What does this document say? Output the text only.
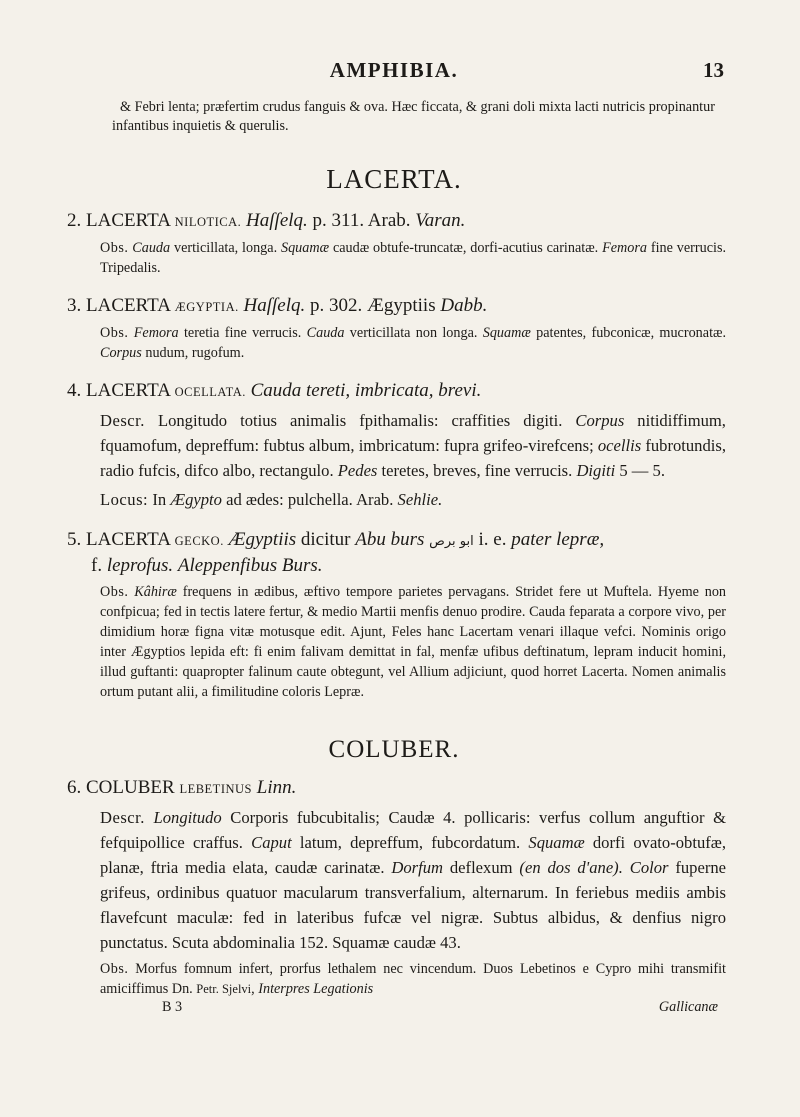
AMPHIBIA.	13

& Febri lenta; præfertim crudus fanguis & ova. Hæc ficcata, & grani doli mixta lacti nutricis propinantur infantibus inquietis & querulis.

LACERTA.
2. LACERTA NILOTICA. Haſſelq. p. 311. Arab. Varan.
Obs. Cauda verticillata, longa. Squamæ caudæ obtufe-truncatæ, dorfi-acutius carinatæ. Femora fine verrucis. Tripedalis.
3. LACERTA ÆGYPTIA. Haſſelq. p. 302. Ægyptiis Dabb.
Obs. Femora teretia fine verrucis. Cauda verticillata non longa. Squamæ patentes, fubconicæ, mucronatæ. Corpus nudum, rugofum.
4. LACERTA OCELLATA. Cauda tereti, imbricata, brevi.
Descr. Longitudo totius animalis fpithamalis: craffities digiti. Corpus nitidiffimum, fquamofum, depreffum: fubtus album, imbricatum: fupra grifeo-virefcens; ocellis fubrotundis, radio fufcis, difco albo, rectangulo. Pedes teretes, breves, fine verrucis. Digiti 5 — 5.
Locus: In Ægypto ad ædes: pulchella. Arab. Sehlie.
5. LACERTA GECKO. Ægyptiis dicitur Abu burs ابو برص i. e. pater lepræ,
f. leprofus. Aleppenfibus Burs.
Obs. Kâhiræ frequens in ædibus, æftivo tempore parietes pervagans. Stridet fere ut Muftela. Hyeme non confpicua; fed in tectis latere fertur, & medio Martii menfis denuo prodire. Cauda feparata a corpore vivo, per dimidium horæ figna vitæ motusque edit. Ajunt, Feles hanc Lacertam venari illaque vefci. Nominis origo inter Ægyptios lepida eft: fi enim falivam demittat in fal, menfæ ufibus deftinatum, lepram inducit homini, illud guftanti: quapropter falinum caute obtegunt, vel Allium adjiciunt, quod horret Lacerta. Nomen animalis ortum putant alii, a fimilitudine coloris Lepræ.
COLUBER.
6. COLUBER LEBETINUS Linn.
Descr. Longitudo Corporis fubcubitalis; Caudæ 4. pollicaris: verfus collum anguftior & fefquipollice craffus. Caput latum, depreffum, fubcordatum. Squamæ dorfi ovato-obtufæ, planæ, ftria media elata, caudæ carinatæ. Dorfum deflexum (en dos d'ane). Color fuperne grifeus, ordinibus quatuor macularum transverfalium, alternarum. In feriebus mediis ambis flavefcunt maculæ: fed in lateribus fufcæ vel nigræ. Subtus albidus, & denfius nigro punctatus. Scuta abdominalia 152. Squamæ caudæ 43.
Obs. Morfus fomnum infert, prorfus lethalem nec vincendum. Duos Lebetinos e Cypro mihi transmifit amiciffimus Dn. Petr. Sjelvi, Interpres Legationis
B 3	Gallicanæ
